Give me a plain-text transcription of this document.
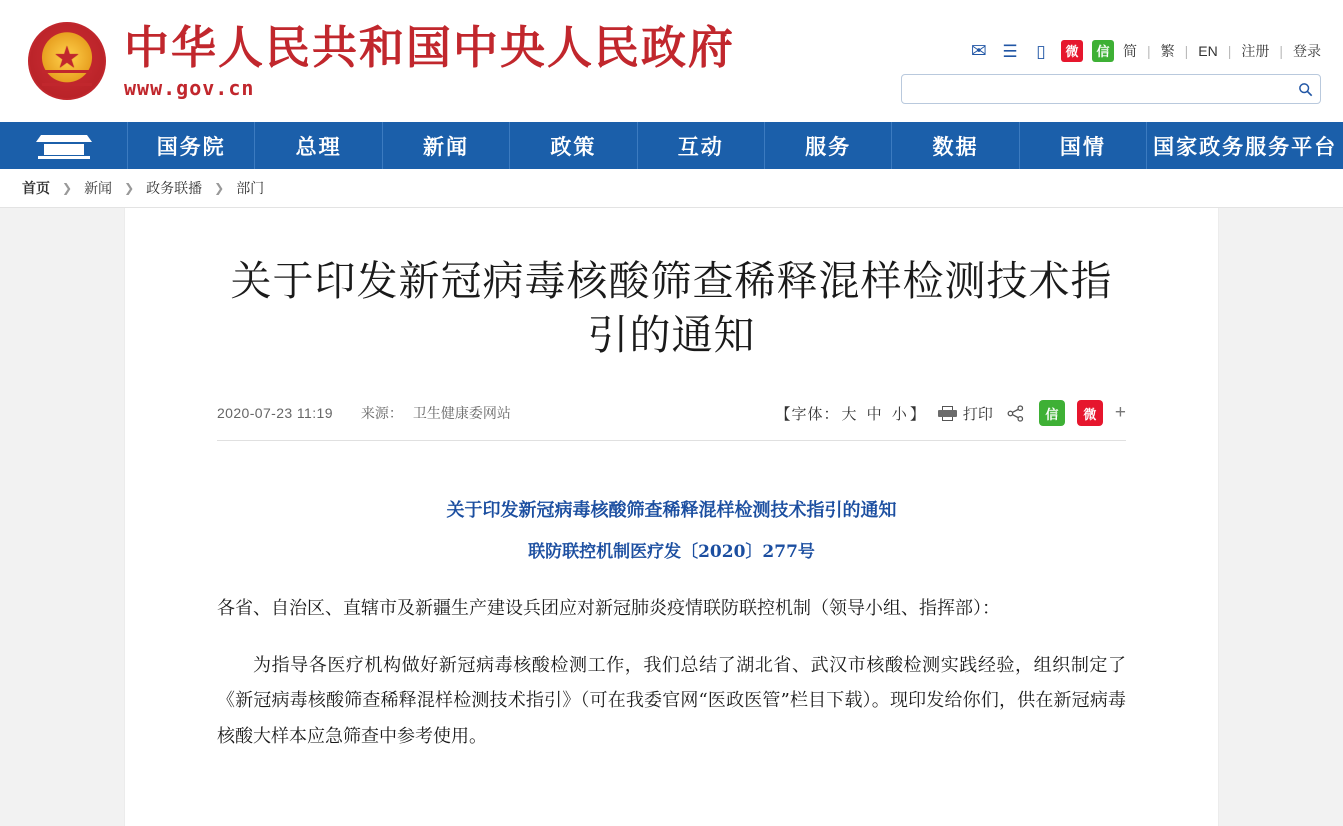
★
中华人民共和国中央人民政府
www.gov.cn
✉ ☰	▯	微	信 简 | 繁 | EN | 注册 | 登录
国务院	总理	新闻	政策	互动	服务	数据	国情	国家政务服务平台
首页 ❯ 新闻 ❯ 政务联播 ❯ 部门
关于印发新冠病毒核酸筛查稀释混样检测技术指引的通知
2020-07-23 11:19 来源： 卫生健康委网站	【字体： 大 中 小 】 打印	信	微 +
关于印发新冠病毒核酸筛查稀释混样检测技术指引的通知
联防联控机制医疗发〔2020〕277号

各省、自治区、直辖市及新疆生产建设兵团应对新冠肺炎疫情联防联控机制（领导小组、指挥部）：

为指导各医疗机构做好新冠病毒核酸检测工作，我们总结了湖北省、武汉市核酸检测实践经验，组织制定了《新冠病毒核酸筛查稀释混样检测技术指引》（可在我委官网“医政医管”栏目下载）。现印发给你们，供在新冠病毒核酸大样本应急筛查中参考使用。
